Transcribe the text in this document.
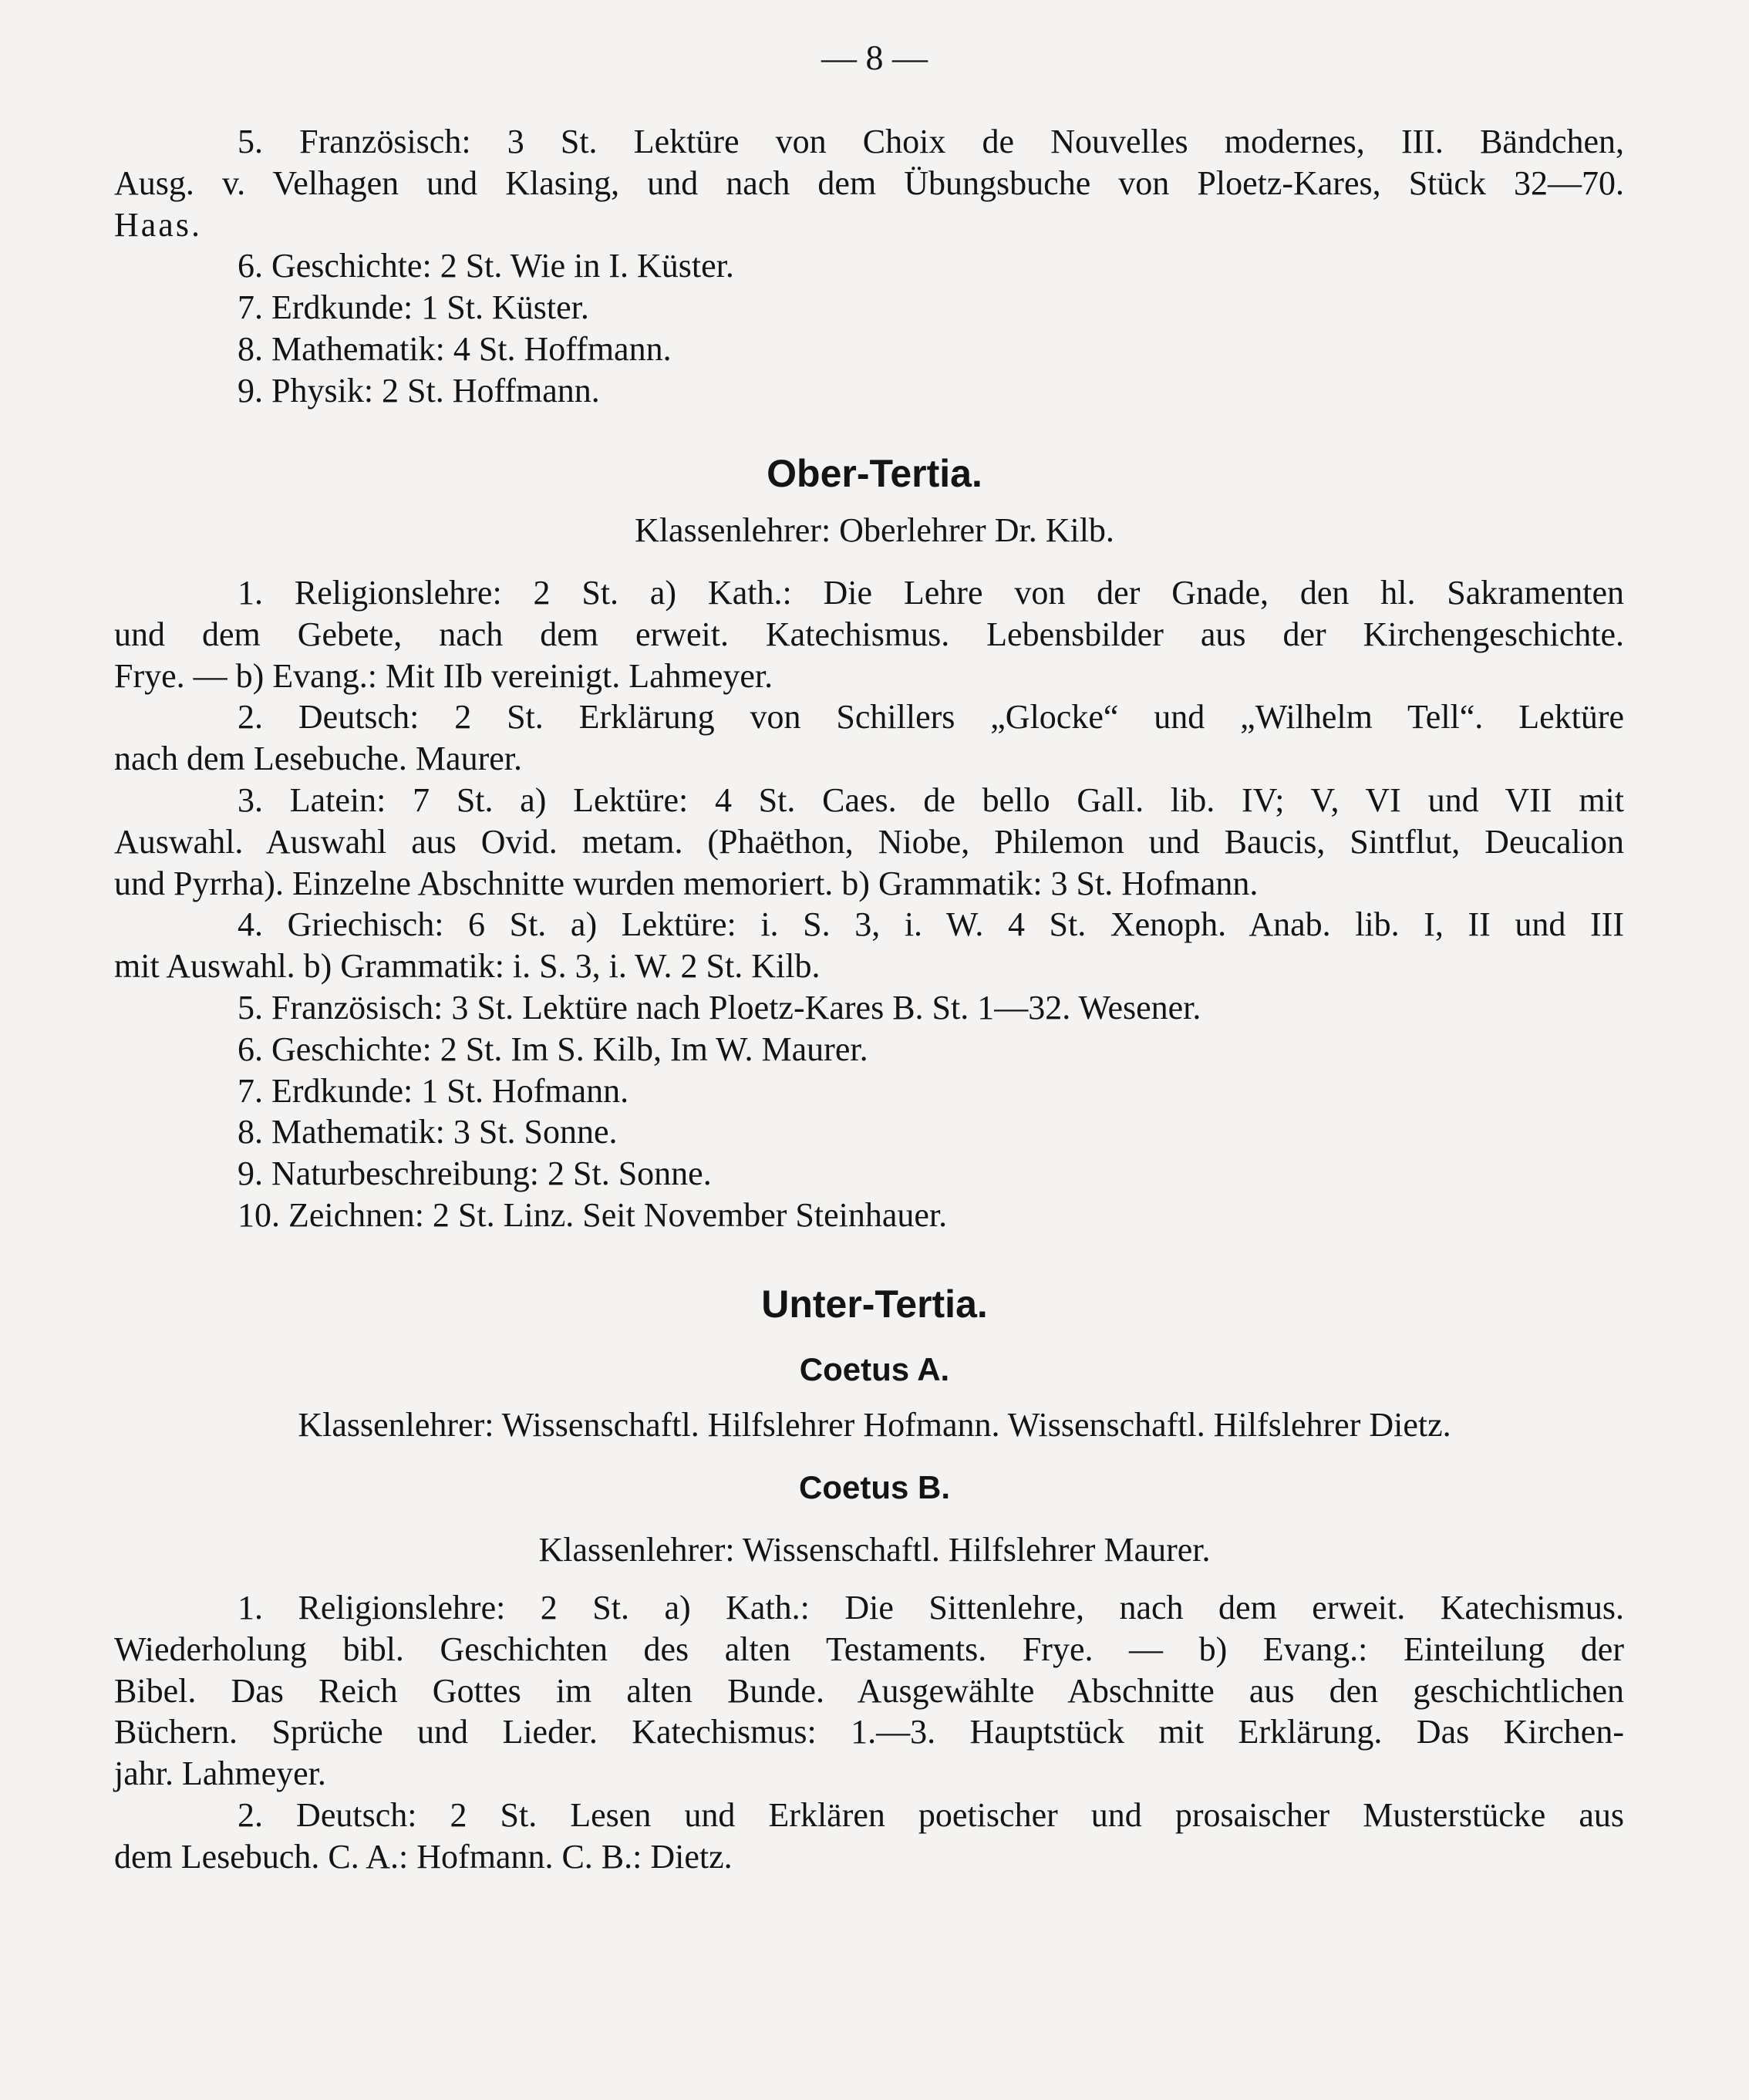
— 8 —
5. Französisch: 3 St. Lektüre von Choix de Nouvelles modernes, III. Bändchen,
Ausg. v. Velhagen und Klasing, und nach dem Übungsbuche von Ploetz-Kares, Stück 32—70.
Haas.
6. Geschichte: 2 St. Wie in I. Küster.
7. Erdkunde: 1 St. Küster.
8. Mathematik: 4 St. Hoffmann.
9. Physik: 2 St. Hoffmann.
Ober-Tertia.
Klassenlehrer: Oberlehrer Dr. Kilb.
1. Religionslehre: 2 St. a) Kath.: Die Lehre von der Gnade, den hl. Sakramenten
und dem Gebete, nach dem erweit. Katechismus. Lebensbilder aus der Kirchengeschichte.
Frye. — b) Evang.: Mit IIb vereinigt. Lahmeyer.
2. Deutsch: 2 St. Erklärung von Schillers „Glocke“ und „Wilhelm Tell“. Lektüre
nach dem Lesebuche. Maurer.
3. Latein: 7 St. a) Lektüre: 4 St. Caes. de bello Gall. lib. IV; V, VI und VII mit
Auswahl. Auswahl aus Ovid. metam. (Phaëthon, Niobe, Philemon und Baucis, Sintflut, Deucalion
und Pyrrha). Einzelne Abschnitte wurden memoriert. b) Grammatik: 3 St. Hofmann.
4. Griechisch: 6 St. a) Lektüre: i. S. 3, i. W. 4 St. Xenoph. Anab. lib. I, II und III
mit Auswahl. b) Grammatik: i. S. 3, i. W. 2 St. Kilb.
5. Französisch: 3 St. Lektüre nach Ploetz-Kares B. St. 1—32. Wesener.
6. Geschichte: 2 St. Im S. Kilb, Im W. Maurer.
7. Erdkunde: 1 St. Hofmann.
8. Mathematik: 3 St. Sonne.
9. Naturbeschreibung: 2 St. Sonne.
10. Zeichnen: 2 St. Linz. Seit November Steinhauer.
Unter-Tertia.
Coetus A.
Klassenlehrer: Wissenschaftl. Hilfslehrer Hofmann. Wissenschaftl. Hilfslehrer Dietz.
Coetus B.
Klassenlehrer: Wissenschaftl. Hilfslehrer Maurer.
1. Religionslehre: 2 St. a) Kath.: Die Sittenlehre, nach dem erweit. Katechismus.
Wiederholung bibl. Geschichten des alten Testaments. Frye. — b) Evang.: Einteilung der
Bibel. Das Reich Gottes im alten Bunde. Ausgewählte Abschnitte aus den geschichtlichen
Büchern. Sprüche und Lieder. Katechismus: 1.—3. Hauptstück mit Erklärung. Das Kirchen-
jahr. Lahmeyer.
2. Deutsch: 2 St. Lesen und Erklären poetischer und prosaischer Musterstücke aus
dem Lesebuch. C. A.: Hofmann. C. B.: Dietz.
